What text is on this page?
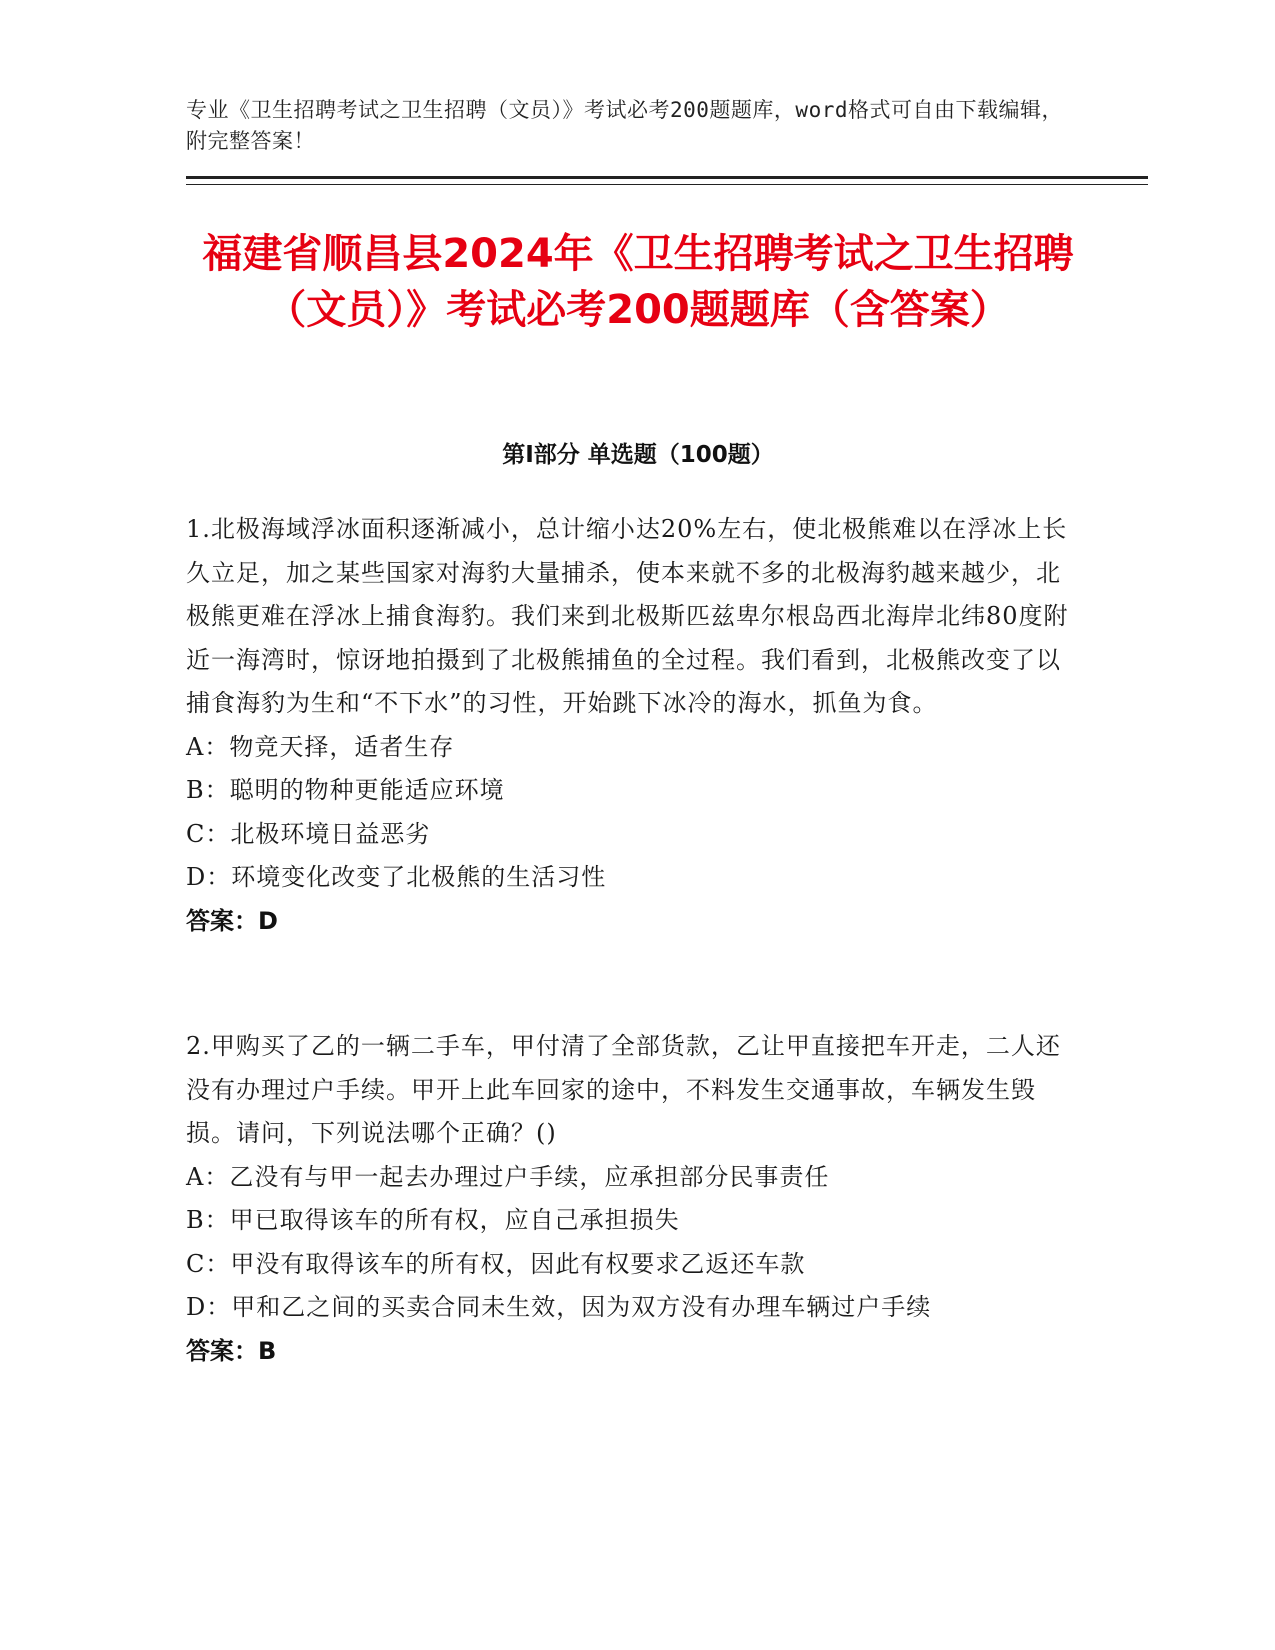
专业《卫生招聘考试之卫生招聘（文员）》考试必考200题题库，word格式可自由下载编辑，附完整答案！

福建省顺昌县2024年《卫生招聘考试之卫生招聘（文员）》考试必考200题题库（含答案）
第Ⅰ部分 单选题（100题）

1.北极海域浮冰面积逐渐减小，总计缩小达20%左右，使北极熊难以在浮冰上长久立足，加之某些国家对海豹大量捕杀，使本来就不多的北极海豹越来越少，北极熊更难在浮冰上捕食海豹。我们来到北极斯匹兹卑尔根岛西北海岸北纬80度附近一海湾时，惊讶地拍摄到了北极熊捕鱼的全过程。我们看到，北极熊改变了以捕食海豹为生和“不下水”的习性，开始跳下冰冷的海水，抓鱼为食。

A：物竞天择，适者生存

B：聪明的物种更能适应环境

C：北极环境日益恶劣

D：环境变化改变了北极熊的生活习性

答案：D

2.甲购买了乙的一辆二手车，甲付清了全部货款，乙让甲直接把车开走，二人还没有办理过户手续。甲开上此车回家的途中，不料发生交通事故，车辆发生毁损。请问，下列说法哪个正确？()

A：乙没有与甲一起去办理过户手续，应承担部分民事责任

B：甲已取得该车的所有权，应自己承担损失

C：甲没有取得该车的所有权，因此有权要求乙返还车款

D：甲和乙之间的买卖合同未生效，因为双方没有办理车辆过户手续

答案：B
